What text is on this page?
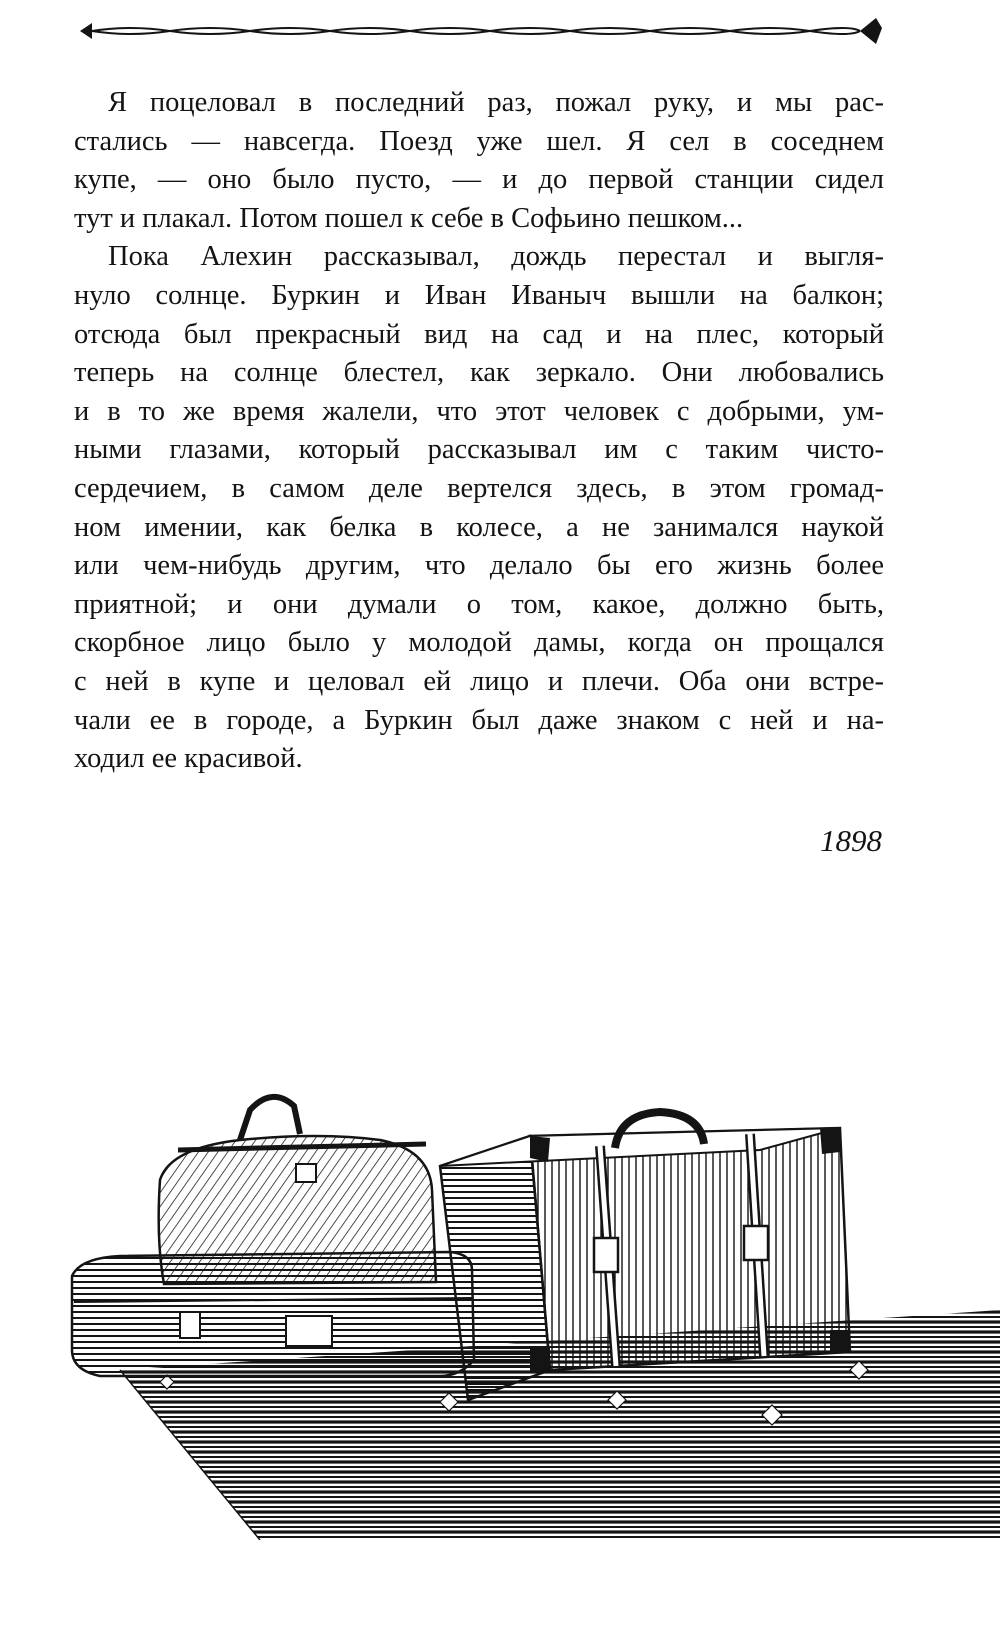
Я поцеловал в последний раз, пожал руку, и мы рас-
стались — навсегда. Поезд уже шел. Я сел в соседнем
купе, — оно было пусто, — и до первой станции сидел
тут и плакал. Потом пошел к себе в Софьино пешком...
Пока Алехин рассказывал, дождь перестал и выгля-
нуло солнце. Буркин и Иван Иваныч вышли на балкон;
отсюда был прекрасный вид на сад и на плес, который
теперь на солнце блестел, как зеркало. Они любовались
и в то же время жалели, что этот человек с добрыми, ум-
ными глазами, который рассказывал им с таким чисто-
сердечием, в самом деле вертелся здесь, в этом громад-
ном имении, как белка в колесе, а не занимался наукой
или чем-нибудь другим, что делало бы его жизнь более
приятной; и они думали о том, какое, должно быть,
скорбное лицо было у молодой дамы, когда он прощался
с ней в купе и целовал ей лицо и плечи. Оба они встре-
чали ее в городе, а Буркин был даже знаком с ней и на-
ходил ее красивой.
1898
